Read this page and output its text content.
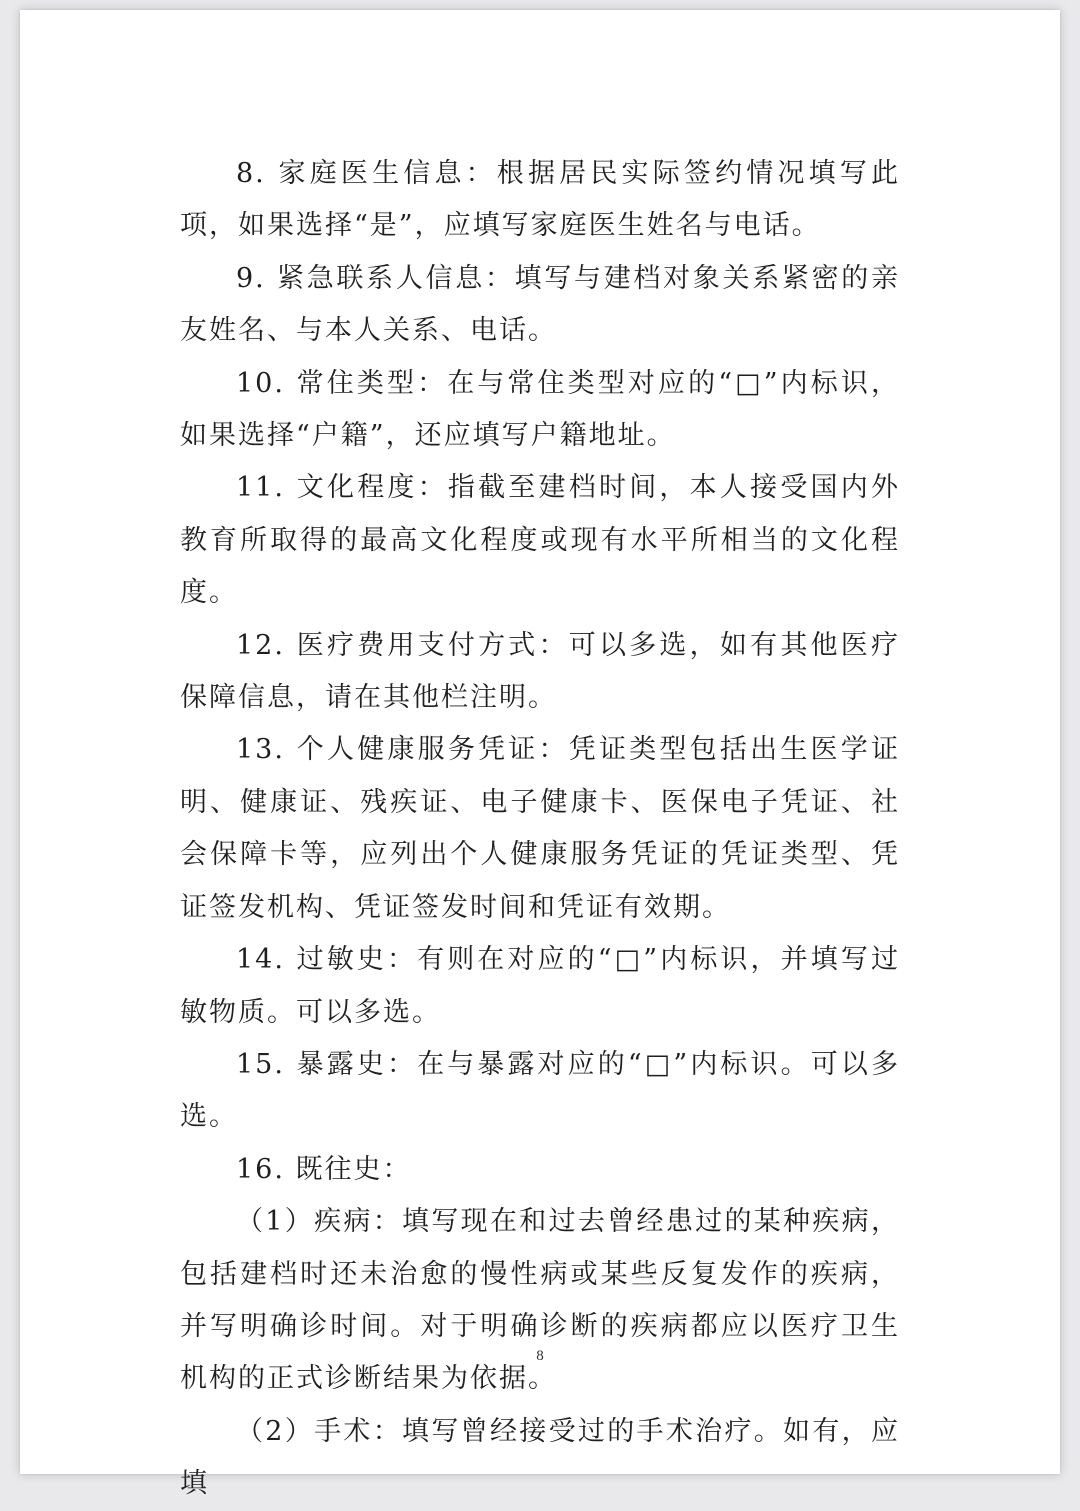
8. 家庭医生信息：根据居民实际签约情况填写此项，如果选择“是”，应填写家庭医生姓名与电话。

9. 紧急联系人信息：填写与建档对象关系紧密的亲友姓名、与本人关系、电话。

10. 常住类型：在与常住类型对应的“□”内标识，如果选择“户籍”，还应填写户籍地址。

11. 文化程度：指截至建档时间，本人接受国内外教育所取得的最高文化程度或现有水平所相当的文化程度。

12. 医疗费用支付方式：可以多选，如有其他医疗保障信息，请在其他栏注明。

13. 个人健康服务凭证：凭证类型包括出生医学证明、健康证、残疾证、电子健康卡、医保电子凭证、社会保障卡等，应列出个人健康服务凭证的凭证类型、凭证签发机构、凭证签发时间和凭证有效期。

14. 过敏史：有则在对应的“□”内标识，并填写过敏物质。可以多选。

15. 暴露史：在与暴露对应的“□”内标识。可以多选。

16. 既往史：

（1）疾病：填写现在和过去曾经患过的某种疾病，包括建档时还未治愈的慢性病或某些反复发作的疾病，并写明确诊时间。对于明确诊断的疾病都应以医疗卫生机构的正式诊断结果为依据。

（2）手术：填写曾经接受过的手术治疗。如有，应填

8
